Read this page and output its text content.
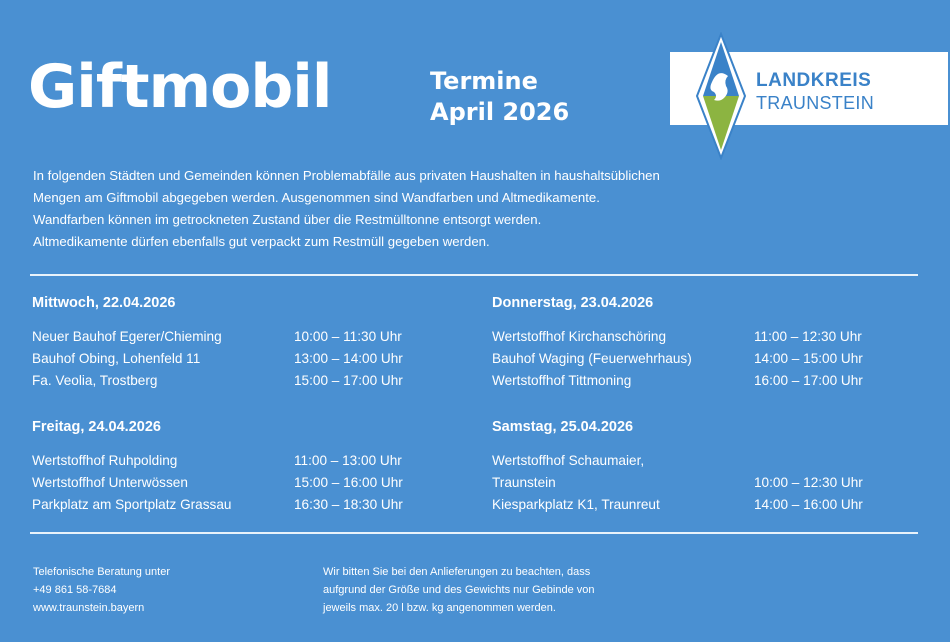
Giftmobil	Termine
April 2026
LANDKREIS
TRAUNSTEIN
In folgenden Städten und Gemeinden können Problemabfälle aus privaten Haushalten in haushaltsüblichen
Mengen am Giftmobil abgegeben werden. Ausgenommen sind Wandfarben und Altmedikamente.
Wandfarben können im getrockneten Zustand über die Restmülltonne entsorgt werden.
Altmedikamente dürfen ebenfalls gut verpackt zum Restmüll gegeben werden.
Mittwoch, 22.04.2026
Neuer Bauhof Egerer/Chieming	10:00 – 11:30 Uhr
Bauhof Obing, Lohenfeld 11	13:00 – 14:00 Uhr
Fa. Veolia, Trostberg	15:00 – 17:00 Uhr
Donnerstag, 23.04.2026
Wertstoffhof Kirchanschöring	11:00 – 12:30 Uhr
Bauhof Waging (Feuerwehrhaus)	14:00 – 15:00 Uhr
Wertstoffhof Tittmoning	16:00 – 17:00 Uhr
Freitag, 24.04.2026
Wertstoffhof Ruhpolding	11:00 – 13:00 Uhr
Wertstoffhof Unterwössen	15:00 – 16:00 Uhr
Parkplatz am Sportplatz Grassau	16:30 – 18:30 Uhr
Samstag, 25.04.2026
Wertstoffhof Schaumaier,
Traunstein	10:00 – 12:30 Uhr
Kiesparkplatz K1, Traunreut	14:00 – 16:00 Uhr
Telefonische Beratung unter
+49 861 58-7684
www.traunstein.bayern
Wir bitten Sie bei den Anlieferungen zu beachten, dass
aufgrund der Größe und des Gewichts nur Gebinde von
jeweils max. 20 l bzw. kg angenommen werden.
